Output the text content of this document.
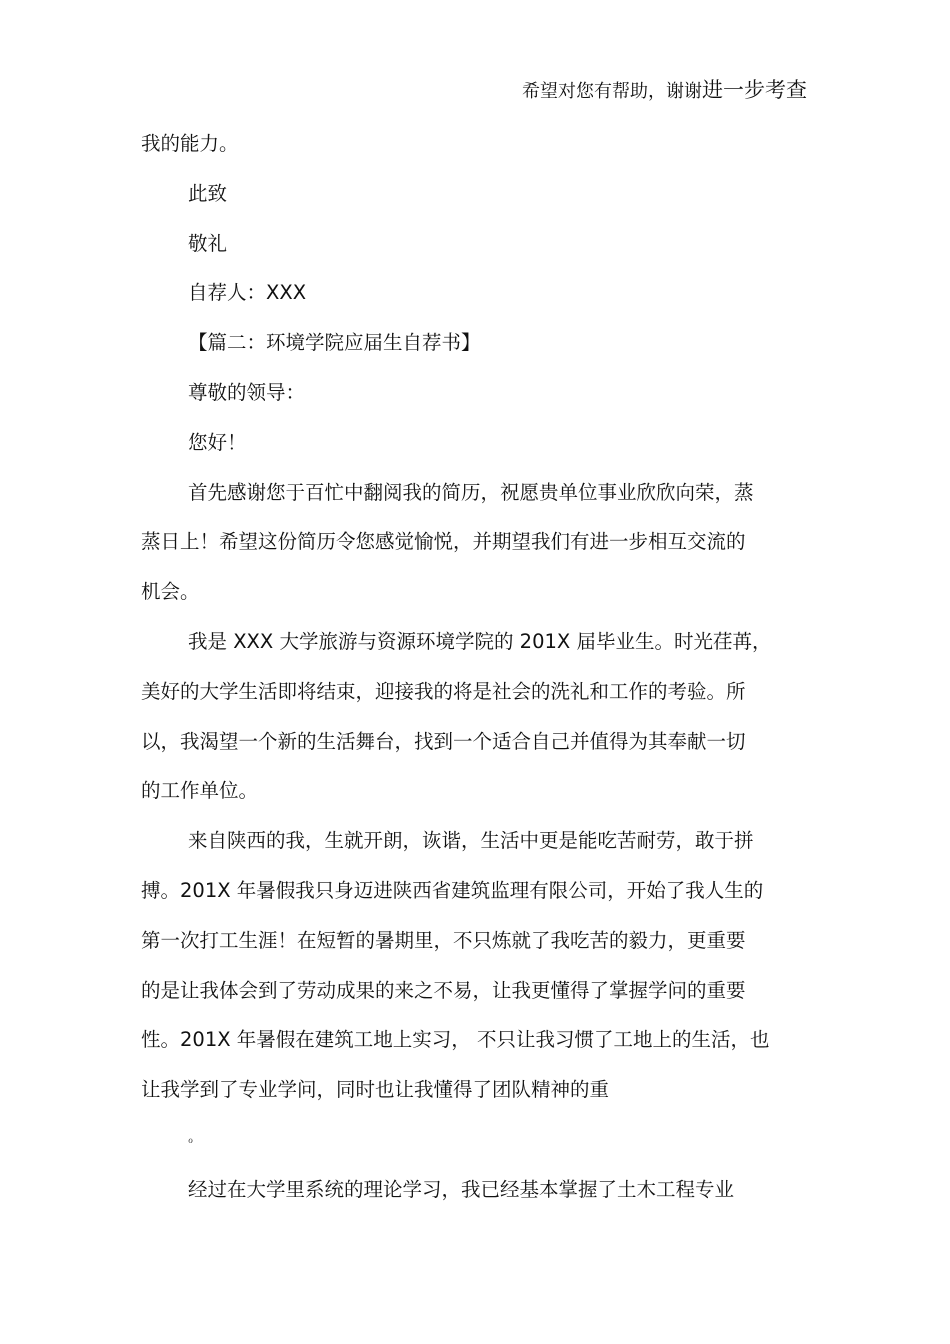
希望对您有帮助，谢谢进一步考查
我的能力。
此致
敬礼
自荐人：XXX
【篇二：环境学院应届生自荐书】
尊敬的领导：
您好！
首先感谢您于百忙中翻阅我的简历，祝愿贵单位事业欣欣向荣，蒸
蒸日上！希望这份简历令您感觉愉悦，并期望我们有进一步相互交流的
机会。
我是 XXX 大学旅游与资源环境学院的 201X 届毕业生。时光荏苒，
美好的大学生活即将结束，迎接我的将是社会的洗礼和工作的考验。所
以，我渴望一个新的生活舞台，找到一个适合自己并值得为其奉献一切
的工作单位。
来自陕西的我，生就开朗，诙谐，生活中更是能吃苦耐劳，敢于拼
搏。201X 年暑假我只身迈进陕西省建筑监理有限公司，开始了我人生的
第一次打工生涯！在短暂的暑期里，不只炼就了我吃苦的毅力，更重要
的是让我体会到了劳动成果的来之不易，让我更懂得了掌握学问的重要
性。201X 年暑假在建筑工地上实习， 不只让我习惯了工地上的生活，也
让我学到了专业学问，同时也让我懂得了团队精神的重
ℴ
经过在大学里系统的理论学习，我已经基本掌握了土木工程专业
